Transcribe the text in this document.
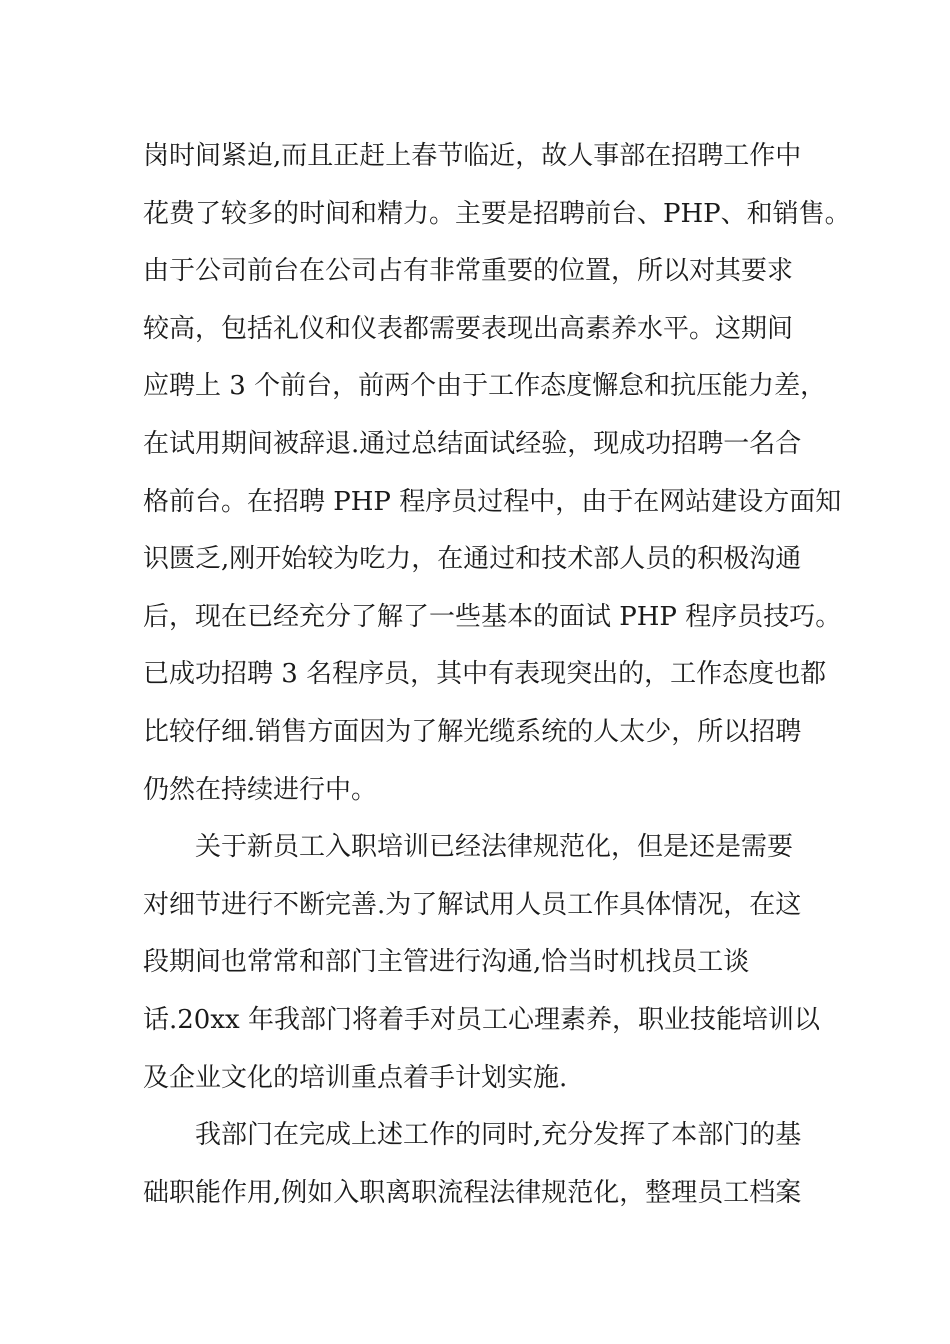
岗时间紧迫,而且正赶上春节临近，故人事部在招聘工作中
花费了较多的时间和精力。主要是招聘前台、PHP、和销售。
由于公司前台在公司占有非常重要的位置，所以对其要求
较高，包括礼仪和仪表都需要表现出高素养水平。这期间
应聘上 3 个前台，前两个由于工作态度懈怠和抗压能力差，
在试用期间被辞退.通过总结面试经验，现成功招聘一名合
格前台。在招聘 PHP 程序员过程中，由于在网站建设方面知
识匮乏,刚开始较为吃力，在通过和技术部人员的积极沟通
后，现在已经充分了解了一些基本的面试 PHP 程序员技巧。
已成功招聘 3 名程序员，其中有表现突出的，工作态度也都
比较仔细.销售方面因为了解光缆系统的人太少，所以招聘
仍然在持续进行中。
关于新员工入职培训已经法律规范化，但是还是需要
对细节进行不断完善.为了解试用人员工作具体情况，在这
段期间也常常和部门主管进行沟通,恰当时机找员工谈
话.20xx 年我部门将着手对员工心理素养，职业技能培训以
及企业文化的培训重点着手计划实施.
我部门在完成上述工作的同时,充分发挥了本部门的基
础职能作用,例如入职离职流程法律规范化，整理员工档案
